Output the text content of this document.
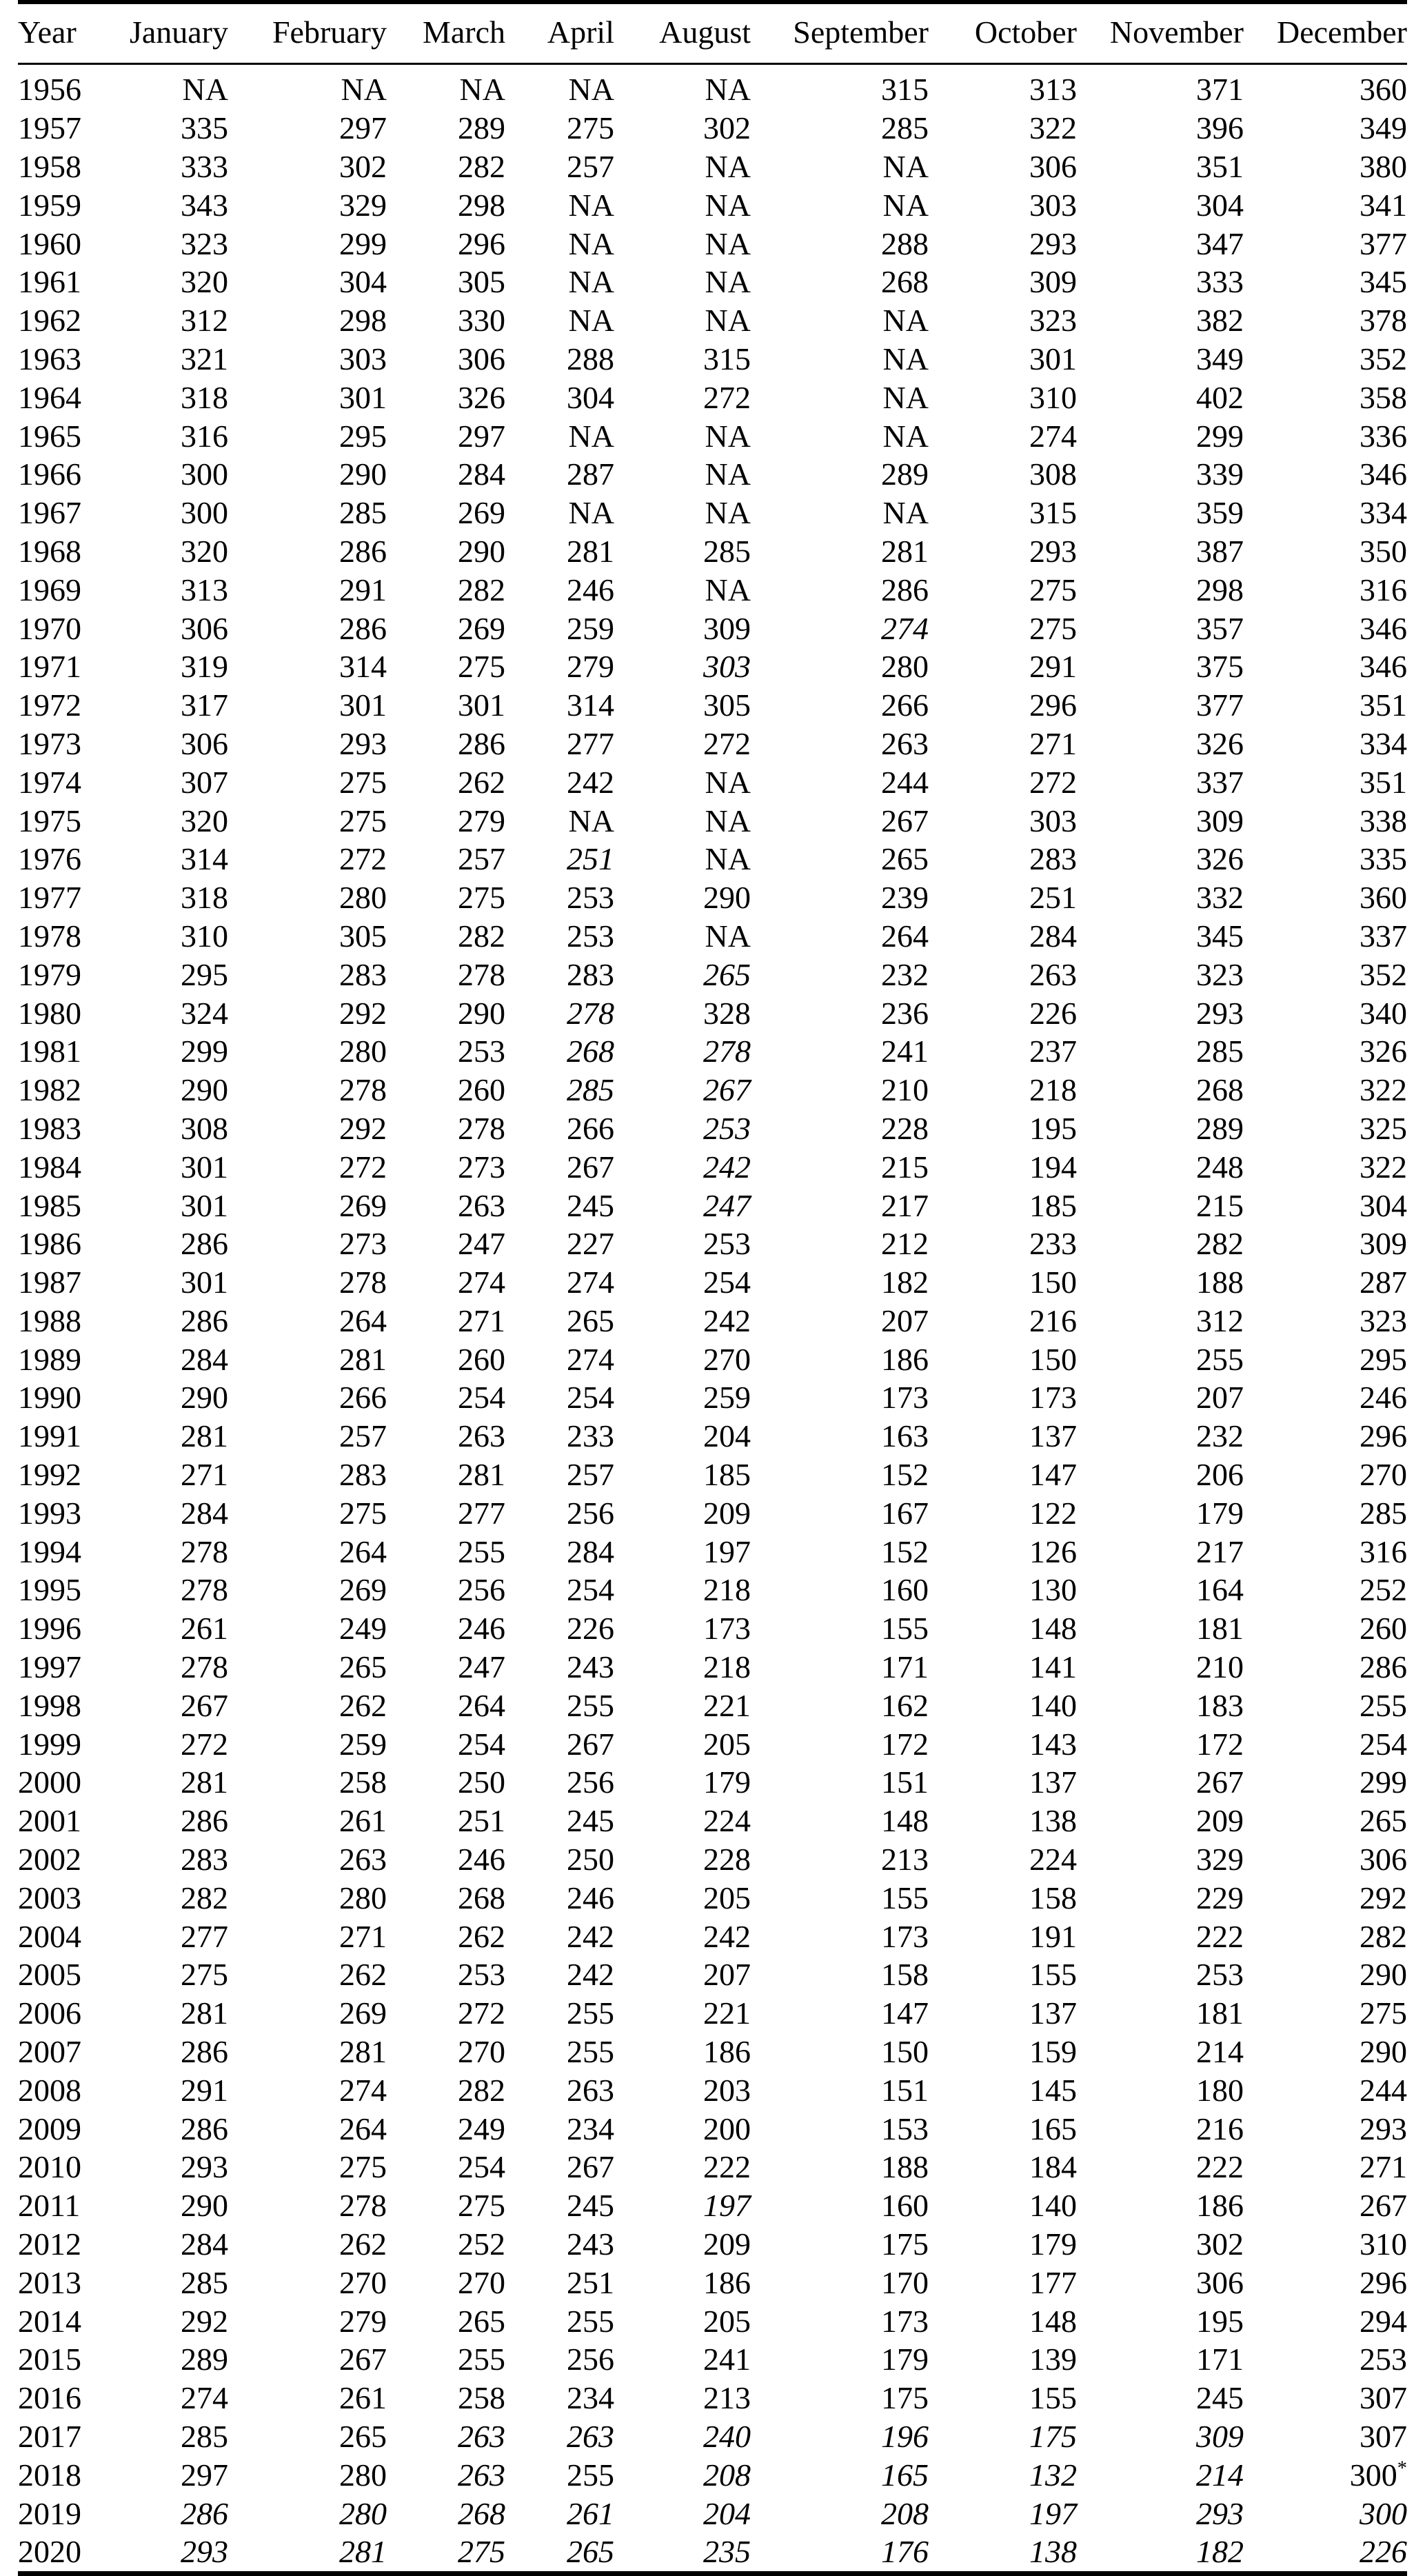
Year	January	February	March	April	August	September	October	November	December
1956	NA	NA	NA	NA	NA	315	313	371	360
1957	335	297	289	275	302	285	322	396	349
1958	333	302	282	257	NA	NA	306	351	380
1959	343	329	298	NA	NA	NA	303	304	341
1960	323	299	296	NA	NA	288	293	347	377
1961	320	304	305	NA	NA	268	309	333	345
1962	312	298	330	NA	NA	NA	323	382	378
1963	321	303	306	288	315	NA	301	349	352
1964	318	301	326	304	272	NA	310	402	358
1965	316	295	297	NA	NA	NA	274	299	336
1966	300	290	284	287	NA	289	308	339	346
1967	300	285	269	NA	NA	NA	315	359	334
1968	320	286	290	281	285	281	293	387	350
1969	313	291	282	246	NA	286	275	298	316
1970	306	286	269	259	309	274	275	357	346
1971	319	314	275	279	303	280	291	375	346
1972	317	301	301	314	305	266	296	377	351
1973	306	293	286	277	272	263	271	326	334
1974	307	275	262	242	NA	244	272	337	351
1975	320	275	279	NA	NA	267	303	309	338
1976	314	272	257	251	NA	265	283	326	335
1977	318	280	275	253	290	239	251	332	360
1978	310	305	282	253	NA	264	284	345	337
1979	295	283	278	283	265	232	263	323	352
1980	324	292	290	278	328	236	226	293	340
1981	299	280	253	268	278	241	237	285	326
1982	290	278	260	285	267	210	218	268	322
1983	308	292	278	266	253	228	195	289	325
1984	301	272	273	267	242	215	194	248	322
1985	301	269	263	245	247	217	185	215	304
1986	286	273	247	227	253	212	233	282	309
1987	301	278	274	274	254	182	150	188	287
1988	286	264	271	265	242	207	216	312	323
1989	284	281	260	274	270	186	150	255	295
1990	290	266	254	254	259	173	173	207	246
1991	281	257	263	233	204	163	137	232	296
1992	271	283	281	257	185	152	147	206	270
1993	284	275	277	256	209	167	122	179	285
1994	278	264	255	284	197	152	126	217	316
1995	278	269	256	254	218	160	130	164	252
1996	261	249	246	226	173	155	148	181	260
1997	278	265	247	243	218	171	141	210	286
1998	267	262	264	255	221	162	140	183	255
1999	272	259	254	267	205	172	143	172	254
2000	281	258	250	256	179	151	137	267	299
2001	286	261	251	245	224	148	138	209	265
2002	283	263	246	250	228	213	224	329	306
2003	282	280	268	246	205	155	158	229	292
2004	277	271	262	242	242	173	191	222	282
2005	275	262	253	242	207	158	155	253	290
2006	281	269	272	255	221	147	137	181	275
2007	286	281	270	255	186	150	159	214	290
2008	291	274	282	263	203	151	145	180	244
2009	286	264	249	234	200	153	165	216	293
2010	293	275	254	267	222	188	184	222	271
2011	290	278	275	245	197	160	140	186	267
2012	284	262	252	243	209	175	179	302	310
2013	285	270	270	251	186	170	177	306	296
2014	292	279	265	255	205	173	148	195	294
2015	289	267	255	256	241	179	139	171	253
2016	274	261	258	234	213	175	155	245	307
2017	285	265	263	263	240	196	175	309	307
2018	297	280	263	255	208	165	132	214	300*
2019	286	280	268	261	204	208	197	293	300
2020	293	281	275	265	235	176	138	182	226
